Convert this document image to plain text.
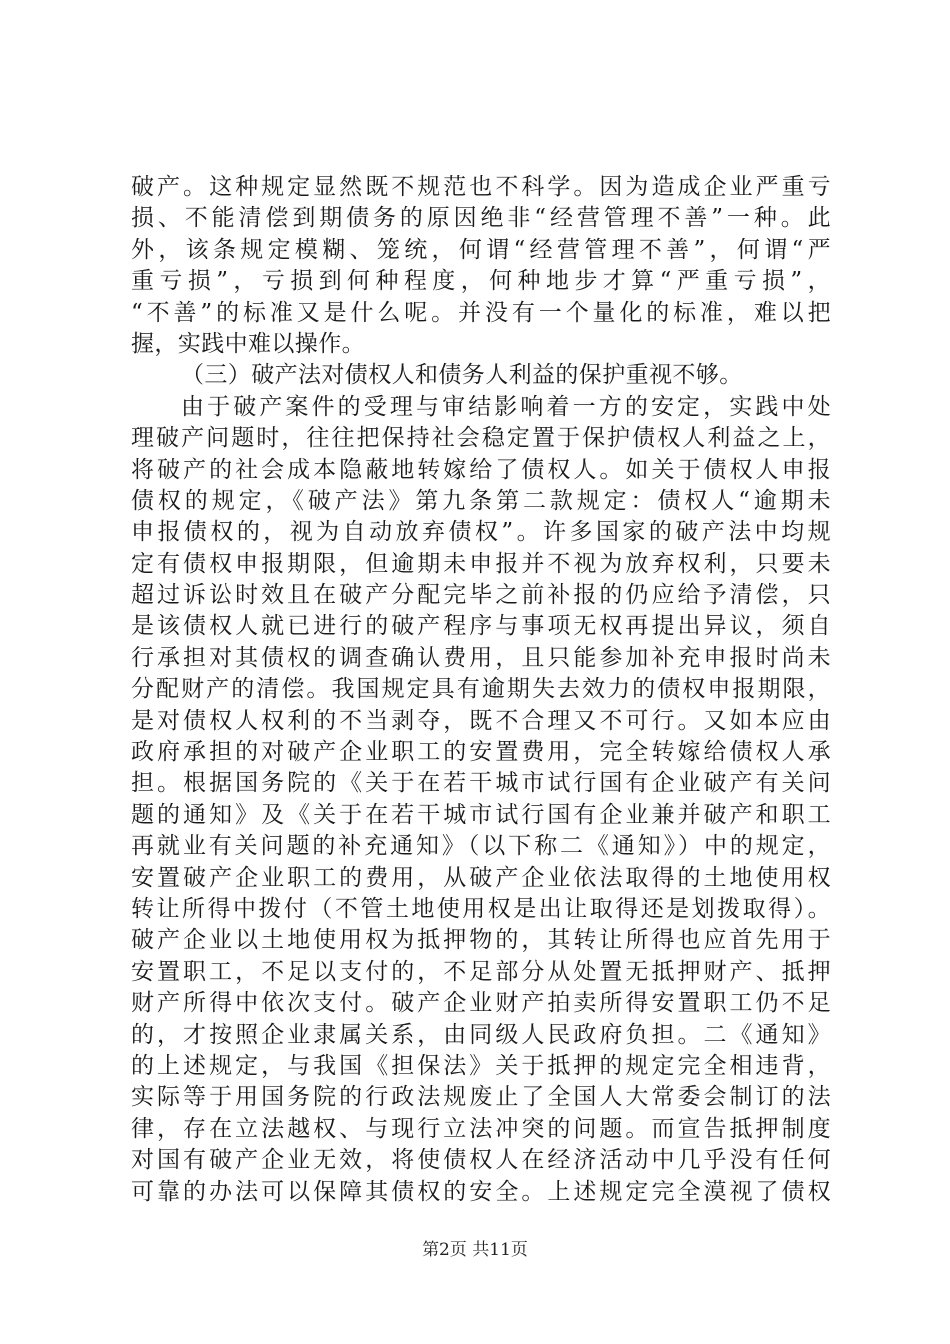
破产。这种规定显然既不规范也不科学。因为造成企业严重亏
损、不能清偿到期债务的原因绝非“经营管理不善”一种。此
外，该条规定模糊、笼统，何谓“经营管理不善”，何谓“严
重亏损”，亏损到何种程度，何种地步才算“严重亏损”，
“不善”的标准又是什么呢。并没有一个量化的标准，难以把
握，实践中难以操作。
（三）破产法对债权人和债务人利益的保护重视不够。
由于破产案件的受理与审结影响着一方的安定，实践中处
理破产问题时，往往把保持社会稳定置于保护债权人利益之上，
将破产的社会成本隐蔽地转嫁给了债权人。如关于债权人申报
债权的规定，《破产法》第九条第二款规定：债权人“逾期未
申报债权的，视为自动放弃债权”。许多国家的破产法中均规
定有债权申报期限，但逾期未申报并不视为放弃权利，只要未
超过诉讼时效且在破产分配完毕之前补报的仍应给予清偿，只
是该债权人就已进行的破产程序与事项无权再提出异议，须自
行承担对其债权的调查确认费用，且只能参加补充申报时尚未
分配财产的清偿。我国规定具有逾期失去效力的债权申报期限，
是对债权人权利的不当剥夺，既不合理又不可行。又如本应由
政府承担的对破产企业职工的安置费用，完全转嫁给债权人承
担。根据国务院的《关于在若干城市试行国有企业破产有关问
题的通知》及《关于在若干城市试行国有企业兼并破产和职工
再就业有关问题的补充通知》（以下称二《通知》）中的规定，
安置破产企业职工的费用，从破产企业依法取得的土地使用权
转让所得中拨付（不管土地使用权是出让取得还是划拨取得）。
破产企业以土地使用权为抵押物的，其转让所得也应首先用于
安置职工，不足以支付的，不足部分从处置无抵押财产、抵押
财产所得中依次支付。破产企业财产拍卖所得安置职工仍不足
的，才按照企业隶属关系，由同级人民政府负担。二《通知》
的上述规定，与我国《担保法》关于抵押的规定完全相违背，
实际等于用国务院的行政法规废止了全国人大常委会制订的法
律，存在立法越权、与现行立法冲突的问题。而宣告抵押制度
对国有破产企业无效，将使债权人在经济活动中几乎没有任何
可靠的办法可以保障其债权的安全。上述规定完全漠视了债权
第2页 共11页
